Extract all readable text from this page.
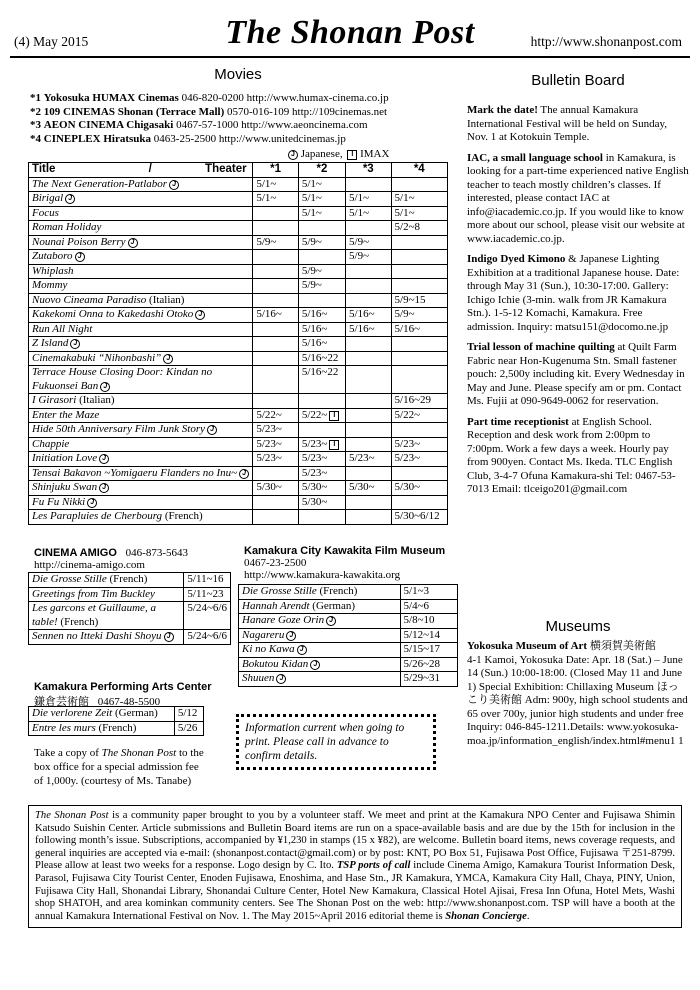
(4) May 2015	The Shonan Post	http://www.shonanpost.com
Movies
*1 Yokosuka HUMAX Cinemas 046-820-0200 http://www.humax-cinema.co.jp
*2 109 CINEMAS Shonan (Terrace Mall) 0570-016-109 http://109cinemas.net
*3 AEON CINEMA Chigasaki 0467-57-1000 http://www.aeoncinema.com
*4 CINEPLEX Hiratsuka 0463-25-2500 http://www.unitedcinemas.jp
J Japanese, I IMAX
Title / Theater	*1	*2	*3	*4
The Next Generation-Patlabor J	5/1~	5/1~		
Birigal J	5/1~	5/1~	5/1~	5/1~
Focus		5/1~	5/1~	5/1~
Roman Holiday				5/2~8
Nounai Poison Berry J	5/9~	5/9~	5/9~	
Zutaboro J			5/9~	
Whiplash		5/9~		
Mommy		5/9~		
Nuovo Cineama Paradiso (Italian)				5/9~15
Kakekomi Onna to Kakedashi Otoko J	5/16~	5/16~	5/16~	5/9~
Run All Night		5/16~	5/16~	5/16~
Z Island J		5/16~		
Cinemakabuki “Nihonbashi” J		5/16~22		
Terrace House Closing Door: Kindan no Fukuonsei Ban J		5/16~22		
I Girasori (Italian)				5/16~29
Enter the Maze	5/22~	5/22~ I		5/22~
Hide 50th Anniversary Film Junk Story J	5/23~			
Chappie	5/23~	5/23~ I		5/23~
Initiation Love J	5/23~	5/23~	5/23~	5/23~
Tensai Bakavon ~Yomigaeru Flanders no Inu~ J		5/23~		
Shinjuku Swan J	5/30~	5/30~	5/30~	5/30~
Fu Fu Nikki J		5/30~		
Les Parapluies de Cherbourg (French)				5/30~6/12
CINEMA AMIGO 046-873-5643
http://cinema-amigo.com
Die Grosse Stille (French)	5/11~16
Greetings from Tim Buckley	5/11~23
Les garcons et Guillaume, a table! (French)	5/24~6/6
Sennen no Itteki Dashi Shoyu J	5/24~6/6
Kamakura City Kawakita Film Museum
0467-23-2500
http://www.kamakura-kawakita.org
Die Grosse Stille (French)	5/1~3
Hannah Arendt (German)	5/4~6
Hanare Goze Orin J	5/8~10
Nagareru J	5/12~14
Ki no Kawa J	5/15~17
Bokutou Kidan J	5/26~28
Shuuen J	5/29~31
Kamakura Performing Arts Center
鎌倉芸術館 0467-48-5500
Die verlorene Zeit (German)	5/12
Entre les murs (French)	5/26
Take a copy of The Shonan Post to the box office for a special admission fee of 1,000y. (courtesy of Ms. Tanabe)
Information current when going to print. Please call in advance to confirm details.
Bulletin Board

Mark the date! The annual Kamakura International Festival will be held on Sunday, Nov. 1 at Kotokuin Temple.

IAC, a small language school in Kamakura, is looking for a part-time experienced native English teacher to teach mostly children’s classes. If interested, please contact IAC at info@iacademic.co.jp. If you would like to know more about our school, please visit our website at www.iacademic.co.jp.

Indigo Dyed Kimono & Japanese Lighting Exhibition at a traditional Japanese house. Date: through May 31 (Sun.), 10:30-17:00. Gallery: Ichigo Ichie (3-min. walk from JR Kamakura Stn.). 1-5-12 Komachi, Kamakura. Free admission. Inquiry: matsu151@docomo.ne.jp

Trial lesson of machine quilting at Quilt Farm Fabric near Hon-Kugenuma Stn. Small fastener pouch: 2,500y including kit. Every Wednesday in May and June. Please specify am or pm. Contact Ms. Fujii at 090-9649-0062 for reservation.

Part time receptionist at English School. Reception and desk work from 2:00pm to 7:00pm. Work a few days a week. Hourly pay from 900yen. Contact Ms. Ikeda. TLC English Club, 3-4-7 Ofuna Kamakura-shi Tel: 0467-53-7013 Email: tlceigo201@gmail.com

Museums
Yokosuka Museum of Art 横須賀美術館
4-1 Kamoi, Yokosuka Date: Apr. 18 (Sat.) – June 14 (Sun.) 10:00-18:00. (Closed May 11 and June 1) Special Exhibition: Chillaxing Museum ほっこり美術館 Adm: 900y, high school students and 65 over 700y, junior high students and under free Inquiry: 046-845-1211.Details: www.yokosuka-moa.jp/information_english/index.html#menu1 1
The Shonan Post is a community paper brought to you by a volunteer staff. We meet and print at the Kamakura NPO Center and Fujisawa Shimin Katsudo Suishin Center. Article submissions and Bulletin Board items are run on a space-available basis and are due by the 15th for inclusion in the following month’s issue. Subscriptions, accompanied by ¥1,230 in stamps (15 x ¥82), are welcome. Bulletin board items, news coverage requests, and general inquiries are accepted via e-mail: (shonanpost.contact@gmail.com) or by post: KNT, PO Box 51, Fujisawa Post Office, Fujisawa 〒251-8799. Please allow at least two weeks for a response. Logo design by C. Ito. TSP ports of call include Cinema Amigo, Kamakura Tourist Information Desk, Parasol, Fujisawa City Tourist Center, Enoden Fujisawa, Enoshima, and Hase Stn., JR Kamakura, YMCA, Kamakura City Hall, Chaya, PINY, Union, Fujisawa City Hall, Shonandai Library, Shonandai Culture Center, Hotel New Kamakura, Classical Hotel Ajisai, Fresa Inn Ofuna, Hotel Mets, Washi shop SHATOH, and area kominkan community centers. See The Shonan Post on the web: http://www.shonanpost.com. TSP will have a booth at the annual Kamakura International Festival on Nov. 1. The May 2015~April 2016 editorial theme is Shonan Concierge.
